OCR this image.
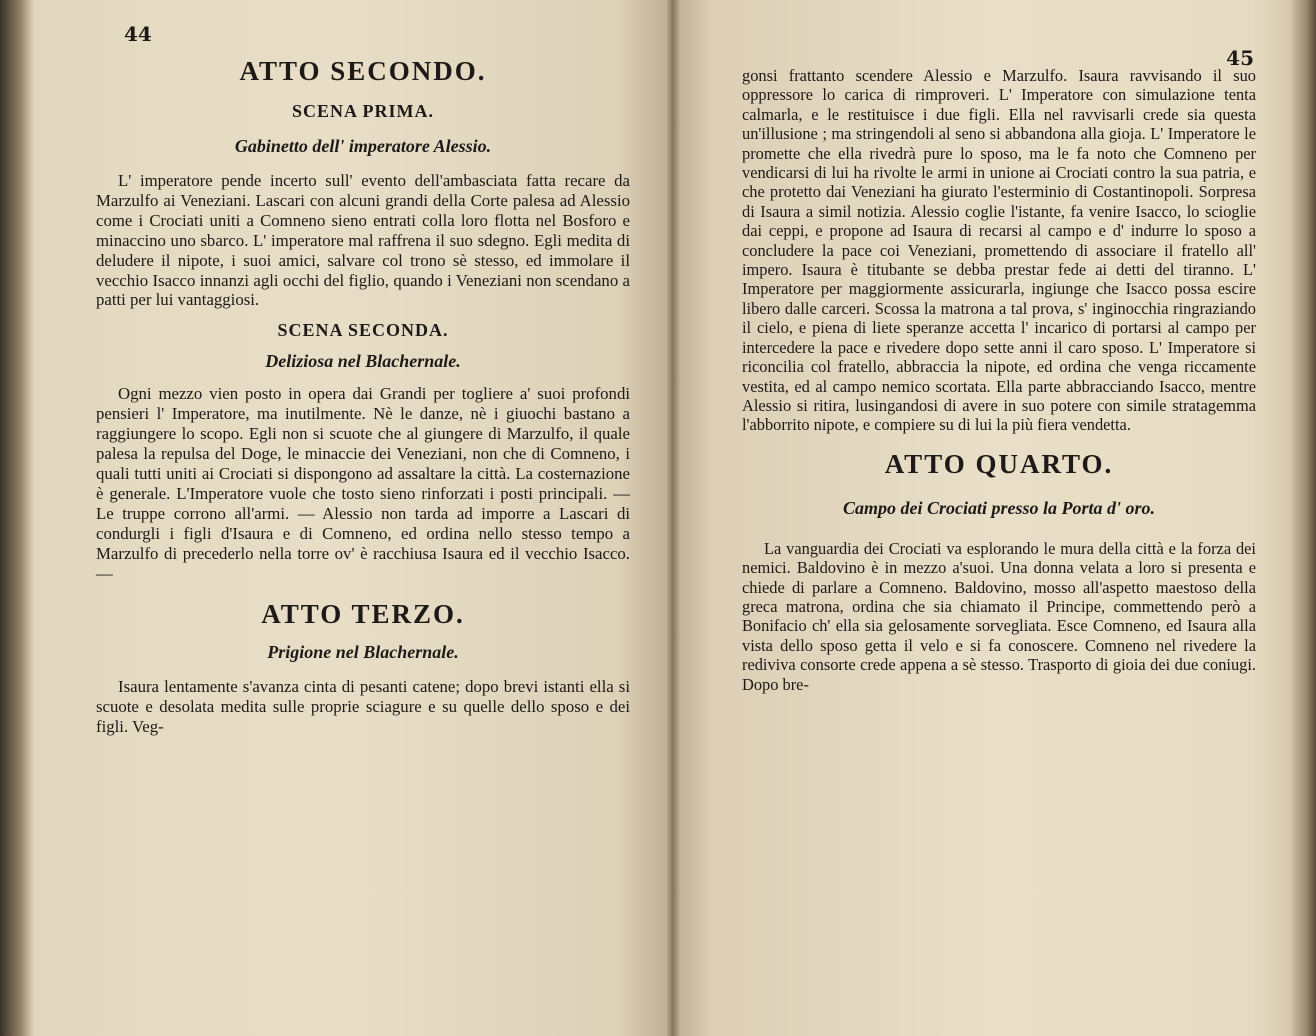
44
ATTO SECONDO.
SCENA PRIMA.
Gabinetto dell' imperatore Alessio.

L' imperatore pende incerto sull' evento dell'ambasciata fatta recare da Marzulfo ai Veneziani. Lascari con alcuni grandi della Corte palesa ad Alessio come i Crociati uniti a Comneno sieno entrati colla loro flotta nel Bosforo e minaccino uno sbarco. L' imperatore mal raffrena il suo sdegno. Egli medita di deludere il nipote, i suoi amici, salvare col trono sè stesso, ed immolare il vecchio Isacco innanzi agli occhi del figlio, quando i Veneziani non scendano a patti per lui vantaggiosi.

SCENA SECONDA.
Deliziosa nel Blachernale.

Ogni mezzo vien posto in opera dai Grandi per togliere a' suoi profondi pensieri l' Imperatore, ma inutilmente. Nè le danze, nè i giuochi bastano a raggiungere lo scopo. Egli non si scuote che al giungere di Marzulfo, il quale palesa la repulsa del Doge, le minaccie dei Veneziani, non che di Comneno, i quali tutti uniti ai Crociati si dispongono ad assaltare la città. La costernazione è generale. L'Imperatore vuole che tosto sieno rinforzati i posti principali. — Le truppe corrono all'armi. — Alessio non tarda ad imporre a Lascari di condurgli i figli d'Isaura e di Comneno, ed ordina nello stesso tempo a Marzulfo di precederlo nella torre ov' è racchiusa Isaura ed il vecchio Isacco. —

ATTO TERZO.
Prigione nel Blachernale.

Isaura lentamente s'avanza cinta di pesanti catene; dopo brevi istanti ella si scuote e desolata medita sulle proprie sciagure e su quelle dello sposo e dei figli. Veg-

45

gonsi frattanto scendere Alessio e Marzulfo. Isaura ravvisando il suo oppressore lo carica di rimproveri. L' Imperatore con simulazione tenta calmarla, e le restituisce i due figli. Ella nel ravvisarli crede sia questa un'illusione ; ma stringendoli al seno si abbandona alla gioja. L' Imperatore le promette che ella rivedrà pure lo sposo, ma le fa noto che Comneno per vendicarsi di lui ha rivolte le armi in unione ai Crociati contro la sua patria, e che protetto dai Veneziani ha giurato l'esterminio di Costantinopoli. Sorpresa di Isaura a simil notizia. Alessio coglie l'istante, fa venire Isacco, lo scioglie dai ceppi, e propone ad Isaura di recarsi al campo e d' indurre lo sposo a concludere la pace coi Veneziani, promettendo di associare il fratello all' impero. Isaura è titubante se debba prestar fede ai detti del tiranno. L' Imperatore per maggiormente assicurarla, ingiunge che Isacco possa escire libero dalle carceri. Scossa la matrona a tal prova, s' inginocchia ringraziando il cielo, e piena di liete speranze accetta l' incarico di portarsi al campo per intercedere la pace e rivedere dopo sette anni il caro sposo. L' Imperatore si riconcilia col fratello, abbraccia la nipote, ed ordina che venga riccamente vestita, ed al campo nemico scortata. Ella parte abbracciando Isacco, mentre Alessio si ritira, lusingandosi di avere in suo potere con simile stratagemma l'abborrito nipote, e compiere su di lui la più fiera vendetta.

ATTO QUARTO.
Campo dei Crociati presso la Porta d' oro.

La vanguardia dei Crociati va esplorando le mura della città e la forza dei nemici. Baldovino è in mezzo a'suoi. Una donna velata a loro si presenta e chiede di parlare a Comneno. Baldovino, mosso all'aspetto maestoso della greca matrona, ordina che sia chiamato il Principe, commettendo però a Bonifacio ch' ella sia gelosamente sorvegliata. Esce Comneno, ed Isaura alla vista dello sposo getta il velo e si fa conoscere. Comneno nel rivedere la rediviva consorte crede appena a sè stesso. Trasporto di gioia dei due coniugi. Dopo bre-
